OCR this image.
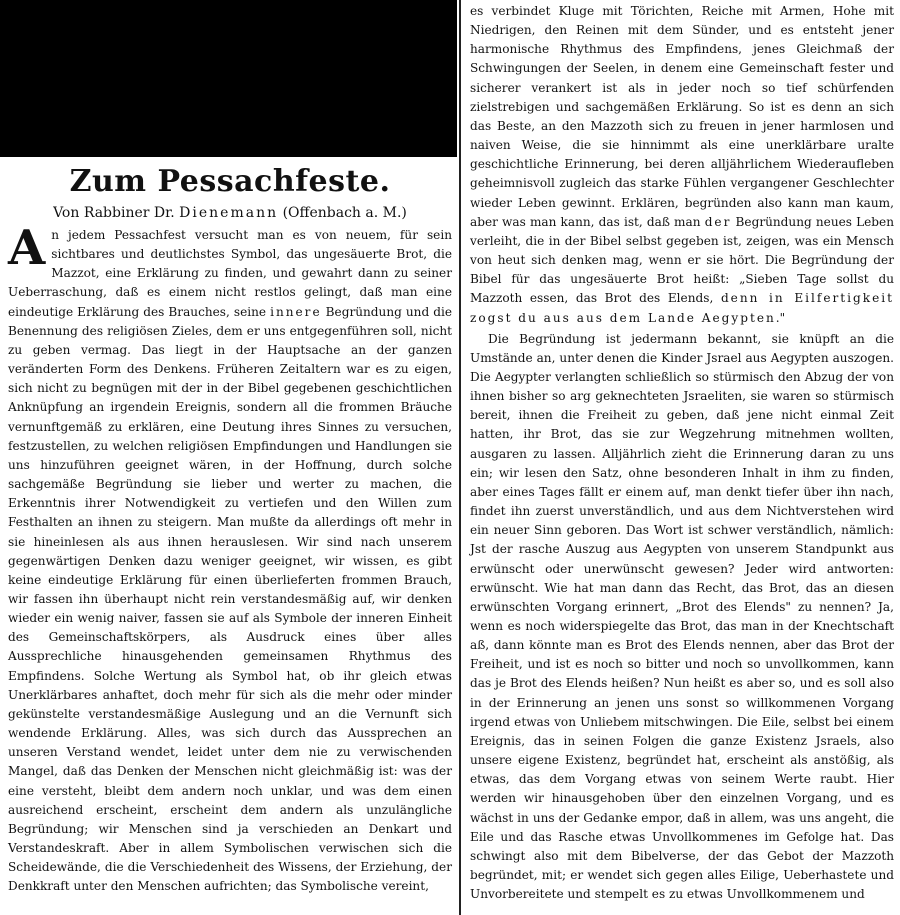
Zum Pessachfeste.
Von Rabbiner Dr. Dienemann (Offenbach a. M.)

An jedem Pessachfest versucht man es von neuem, für sein sichtbares und deutlichstes Symbol, das ungesäuerte Brot, die Mazzot, eine Erklärung zu finden, und gewahrt dann zu seiner Ueberraschung, daß es einem nicht restlos gelingt, daß man eine eindeutige Erklärung des Brauches, seine innere Begründung und die Benennung des religiösen Zieles, dem er uns entgegenführen soll, nicht zu geben vermag. Das liegt in der Hauptsache an der ganzen veränderten Form des Denkens. Früheren Zeitaltern war es zu eigen, sich nicht zu begnügen mit der in der Bibel gegebenen geschichtlichen Anknüpfung an irgendein Ereignis, sondern all die frommen Bräuche vernunftgemäß zu erklären, eine Deutung ihres Sinnes zu versuchen, festzustellen, zu welchen religiösen Empfindungen und Handlungen sie uns hinzuführen geeignet wären, in der Hoffnung, durch solche sachgemäße Begründung sie lieber und werter zu machen, die Erkenntnis ihrer Notwendigkeit zu vertiefen und den Willen zum Festhalten an ihnen zu steigern. Man mußte da allerdings oft mehr in sie hineinlesen als aus ihnen herauslesen. Wir sind nach unserem gegenwärtigen Denken dazu weniger geeignet, wir wissen, es gibt keine eindeutige Erklärung für einen überlieferten frommen Brauch, wir fassen ihn überhaupt nicht rein verstandesmäßig auf, wir denken wieder ein wenig naiver, fassen sie auf als Symbole der inneren Einheit des Gemeinschaftskörpers, als Ausdruck eines über alles Aussprechliche hinausgehenden gemeinsamen Rhythmus des Empfindens. Solche Wertung als Symbol hat, ob ihr gleich etwas Unerklärbares anhaftet, doch mehr für sich als die mehr oder minder gekünstelte verstandesmäßige Auslegung und an die Vernunft sich wendende Erklärung. Alles, was sich durch das Aussprechen an unseren Verstand wendet, leidet unter dem nie zu verwischenden Mangel, daß das Denken der Menschen nicht gleichmäßig ist: was der eine versteht, bleibt dem andern noch unklar, und was dem einen ausreichend erscheint, erscheint dem andern als unzulängliche Begründung; wir Menschen sind ja verschieden an Denkart und Verstandeskraft. Aber in allem Symbolischen verwischen sich die Scheidewände, die die Verschiedenheit des Wissens, der Erziehung, der Denkkraft unter den Menschen aufrichten; das Symbolische vereint,

es verbindet Kluge mit Törichten, Reiche mit Armen, Hohe mit Niedrigen, den Reinen mit dem Sünder, und es entsteht jener harmonische Rhythmus des Empfindens, jenes Gleichmaß der Schwingungen der Seelen, in denem eine Gemeinschaft fester und sicherer verankert ist als in jeder noch so tief schürfenden zielstrebigen und sachgemäßen Erklärung. So ist es denn an sich das Beste, an den Mazzoth sich zu freuen in jener harmlosen und naiven Weise, die sie hinnimmt als eine unerklärbare uralte geschichtliche Erinnerung, bei deren alljährlichem Wiederaufleben geheimnisvoll zugleich das starke Fühlen vergangener Geschlechter wieder Leben gewinnt. Erklären, begründen also kann man kaum, aber was man kann, das ist, daß man der Begründung neues Leben verleiht, die in der Bibel selbst gegeben ist, zeigen, was ein Mensch von heut sich denken mag, wenn er sie hört. Die Begründung der Bibel für das ungesäuerte Brot heißt: „Sieben Tage sollst du Mazzoth essen, das Brot des Elends, denn in Eilfertigkeit zogst du aus aus dem Lande Aegypten."

Die Begründung ist jedermann bekannt, sie knüpft an die Umstände an, unter denen die Kinder Jsrael aus Aegypten auszogen. Die Aegypter verlangten schließlich so stürmisch den Abzug der von ihnen bisher so arg geknechteten Jsraeliten, sie waren so stürmisch bereit, ihnen die Freiheit zu geben, daß jene nicht einmal Zeit hatten, ihr Brot, das sie zur Wegzehrung mitnehmen wollten, ausgaren zu lassen. Alljährlich zieht die Erinnerung daran zu uns ein; wir lesen den Satz, ohne besonderen Inhalt in ihm zu finden, aber eines Tages fällt er einem auf, man denkt tiefer über ihn nach, findet ihn zuerst unverständlich, und aus dem Nichtverstehen wird ein neuer Sinn geboren. Das Wort ist schwer verständlich, nämlich: Jst der rasche Auszug aus Aegypten von unserem Standpunkt aus erwünscht oder unerwünscht gewesen? Jeder wird antworten: erwünscht. Wie hat man dann das Recht, das Brot, das an diesen erwünschten Vorgang erinnert, „Brot des Elends" zu nennen? Ja, wenn es noch widerspiegelte das Brot, das man in der Knechtschaft aß, dann könnte man es Brot des Elends nennen, aber das Brot der Freiheit, und ist es noch so bitter und noch so unvollkommen, kann das je Brot des Elends heißen? Nun heißt es aber so, und es soll also in der Erinnerung an jenen uns sonst so willkommenen Vorgang irgend etwas von Unliebem mitschwingen. Die Eile, selbst bei einem Ereignis, das in seinen Folgen die ganze Existenz Jsraels, also unsere eigene Existenz, begründet hat, erscheint als anstößig, als etwas, das dem Vorgang etwas von seinem Werte raubt. Hier werden wir hinausgehoben über den einzelnen Vorgang, und es wächst in uns der Gedanke empor, daß in allem, was uns angeht, die Eile und das Rasche etwas Unvollkommenes im Gefolge hat. Das schwingt also mit dem Bibelverse, der das Gebot der Mazzoth begründet, mit; er wendet sich gegen alles Eilige, Ueberhastete und Unvorbereitete und stempelt es zu etwas Unvollkommenem und
